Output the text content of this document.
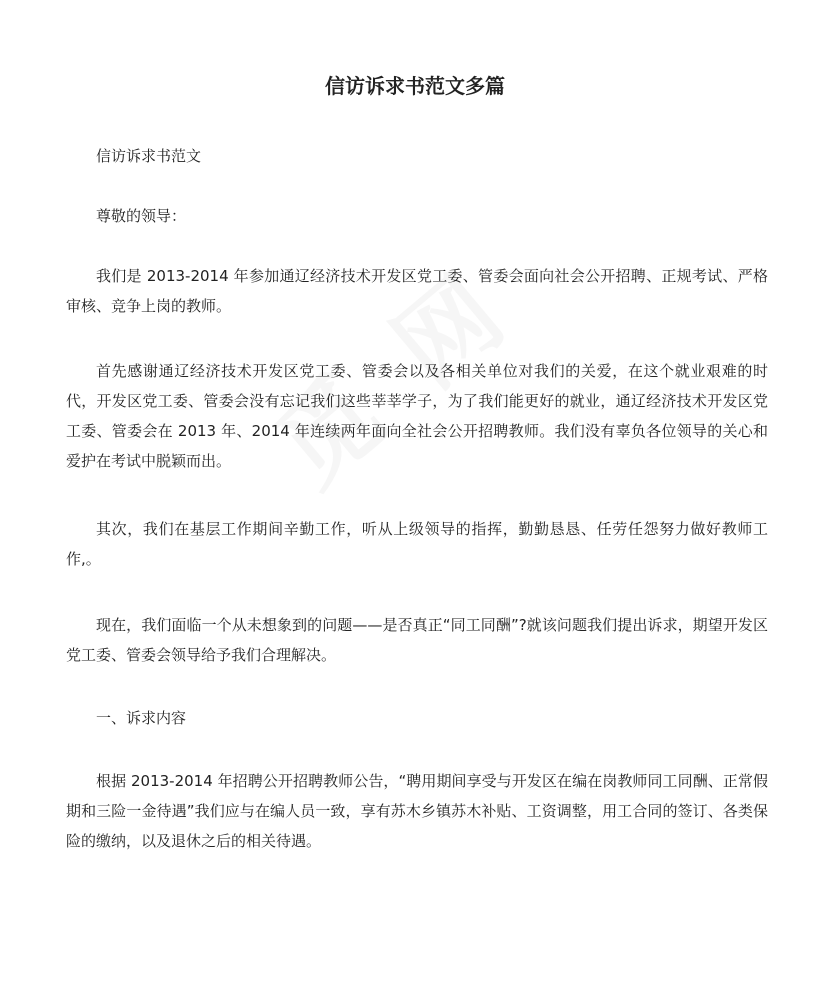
信访诉求书范文多篇

信访诉求书范文

尊敬的领导：

我们是 2013-2014 年参加通辽经济技术开发区党工委、管委会面向社会公开招聘、正规考试、严格审核、竞争上岗的教师。

首先感谢通辽经济技术开发区党工委、管委会以及各相关单位对我们的关爱，在这个就业艰难的时代，开发区党工委、管委会没有忘记我们这些莘莘学子，为了我们能更好的就业，通辽经济技术开发区党工委、管委会在 2013 年、2014 年连续两年面向全社会公开招聘教师。我们没有辜负各位领导的关心和爱护在考试中脱颖而出。

其次，我们在基层工作期间辛勤工作，听从上级领导的指挥，勤勤恳恳、任劳任怨努力做好教师工作,。

现在，我们面临一个从未想象到的问题——是否真正“同工同酬”?就该问题我们提出诉求，期望开发区党工委、管委会领导给予我们合理解决。

一、诉求内容

根据 2013-2014 年招聘公开招聘教师公告，“聘用期间享受与开发区在编在岗教师同工同酬、正常假期和三险一金待遇”我们应与在编人员一致，享有苏木乡镇苏木补贴、工资调整，用工合同的签订、各类保险的缴纳，以及退休之后的相关待遇。
